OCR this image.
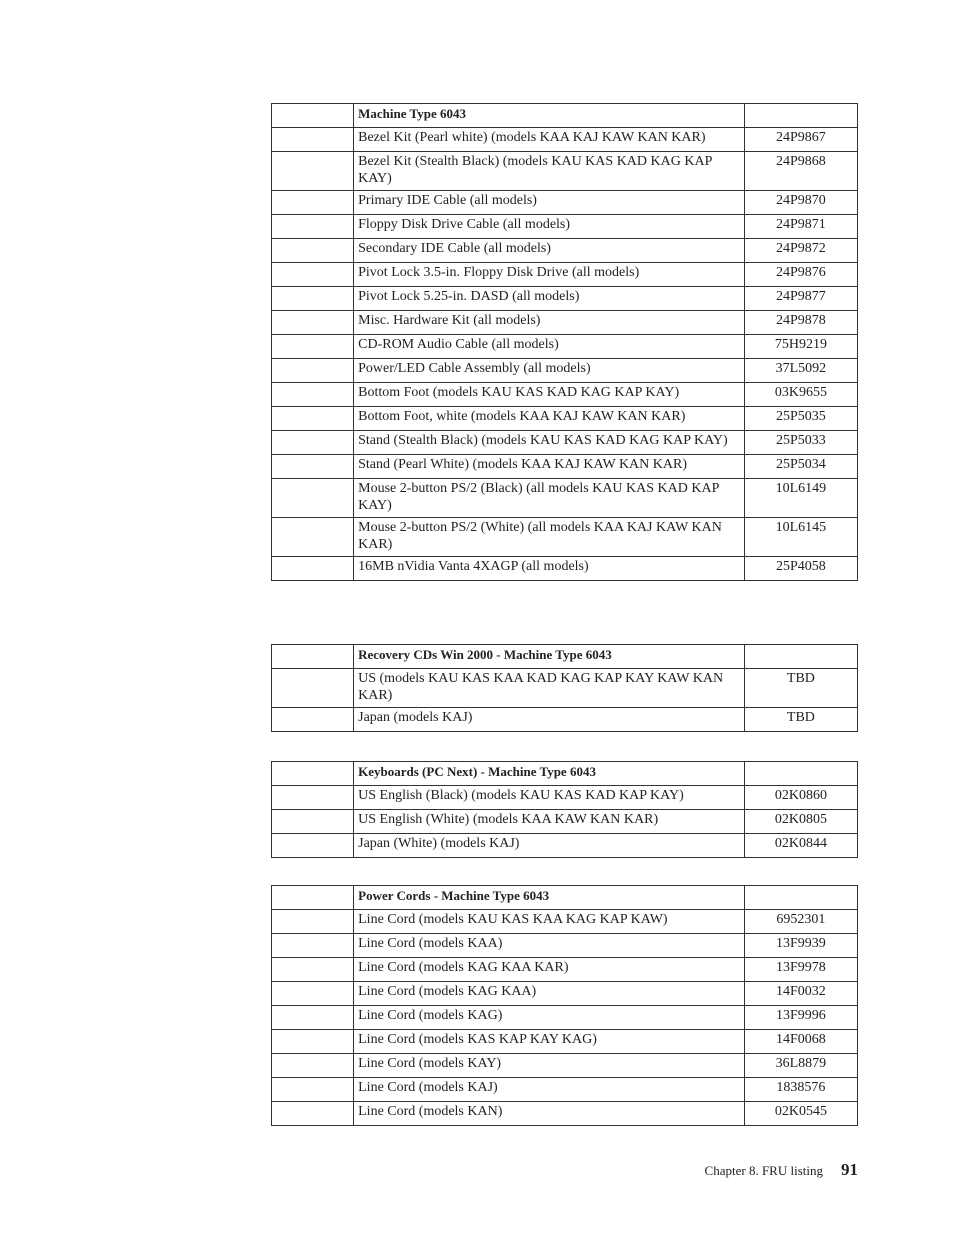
	Machine Type 6043	
	Bezel Kit (Pearl white) (models KAA KAJ KAW KAN KAR)	24P9867
	Bezel Kit (Stealth Black) (models KAU KAS KAD KAG KAP KAY)	24P9868
	Primary IDE Cable (all models)	24P9870
	Floppy Disk Drive Cable (all models)	24P9871
	Secondary IDE Cable (all models)	24P9872
	Pivot Lock 3.5-in. Floppy Disk Drive (all models)	24P9876
	Pivot Lock 5.25-in. DASD (all models)	24P9877
	Misc. Hardware Kit (all models)	24P9878
	CD-ROM Audio Cable (all models)	75H9219
	Power/LED Cable Assembly (all models)	37L5092
	Bottom Foot (models KAU KAS KAD KAG KAP KAY)	03K9655
	Bottom Foot, white (models KAA KAJ KAW KAN KAR)	25P5035
	Stand (Stealth Black) (models KAU KAS KAD KAG KAP KAY)	25P5033
	Stand (Pearl White) (models KAA KAJ KAW KAN KAR)	25P5034
	Mouse 2-button PS/2 (Black) (all models KAU KAS KAD KAP KAY)	10L6149
	Mouse 2-button PS/2 (White) (all models KAA KAJ KAW KAN KAR)	10L6145
	16MB nVidia Vanta 4XAGP (all models)	25P4058
	Recovery CDs Win 2000 - Machine Type 6043	
	US (models KAU KAS KAA KAD KAG KAP KAY KAW KAN KAR)	TBD
	Japan (models KAJ)	TBD
	Keyboards (PC Next) - Machine Type 6043	
	US English (Black) (models KAU KAS KAD KAP KAY)	02K0860
	US English (White) (models KAA KAW KAN KAR)	02K0805
	Japan (White) (models KAJ)	02K0844
	Power Cords - Machine Type 6043	
	Line Cord (models KAU KAS KAA KAG KAP KAW)	6952301
	Line Cord (models KAA)	13F9939
	Line Cord (models KAG KAA KAR)	13F9978
	Line Cord (models KAG KAA)	14F0032
	Line Cord (models KAG)	13F9996
	Line Cord (models KAS KAP KAY KAG)	14F0068
	Line Cord (models KAY)	36L8879
	Line Cord (models KAJ)	1838576
	Line Cord (models KAN)	02K0545
Chapter 8. FRU listing 91
